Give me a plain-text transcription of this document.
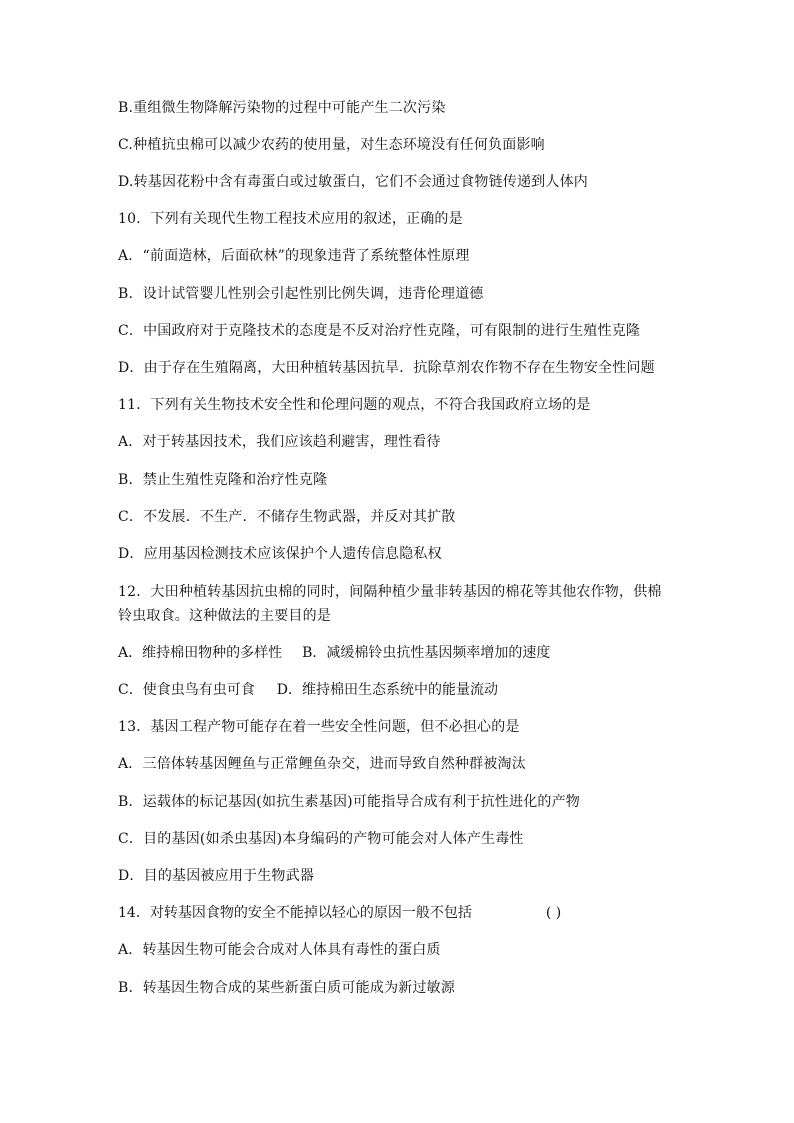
B.重组微生物降解污染物的过程中可能产生二次污染
C.种植抗虫棉可以减少农药的使用量，对生态环境没有任何负面影响
D.转基因花粉中含有毒蛋白或过敏蛋白，它们不会通过食物链传递到人体内
10．下列有关现代生物工程技术应用的叙述，正确的是
A．“前面造林，后面砍林”的现象违背了系统整体性原理
B．设计试管婴儿性别会引起性别比例失调，违背伦理道德
C．中国政府对于克隆技术的态度是不反对治疗性克隆，可有限制的进行生殖性克隆
D．由于存在生殖隔离，大田种植转基因抗旱．抗除草剂农作物不存在生物安全性问题
11．下列有关生物技术安全性和伦理问题的观点，不符合我国政府立场的是
A．对于转基因技术，我们应该趋利避害，理性看待
B．禁止生殖性克隆和治疗性克隆
C．不发展．不生产．不储存生物武器，并反对其扩散
D．应用基因检测技术应该保护个人遗传信息隐私权
12．大田种植转基因抗虫棉的同时，间隔种植少量非转基因的棉花等其他农作物，供棉
铃虫取食。这种做法的主要目的是
A．维持棉田物种的多样性 B．减缓棉铃虫抗性基因频率增加的速度
C．使食虫鸟有虫可食 D．维持棉田生态系统中的能量流动
13．基因工程产物可能存在着一些安全性问题，但不必担心的是
A．三倍体转基因鲤鱼与正常鲤鱼杂交，进而导致自然种群被淘汰
B．运载体的标记基因(如抗生素基因)可能指导合成有利于抗性进化的产物
C．目的基因(如杀虫基因)本身编码的产物可能会对人体产生毒性
D．目的基因被应用于生物武器
14．对转基因食物的安全不能掉以轻心的原因一般不包括	( )
A．转基因生物可能会合成对人体具有毒性的蛋白质
B．转基因生物合成的某些新蛋白质可能成为新过敏源
